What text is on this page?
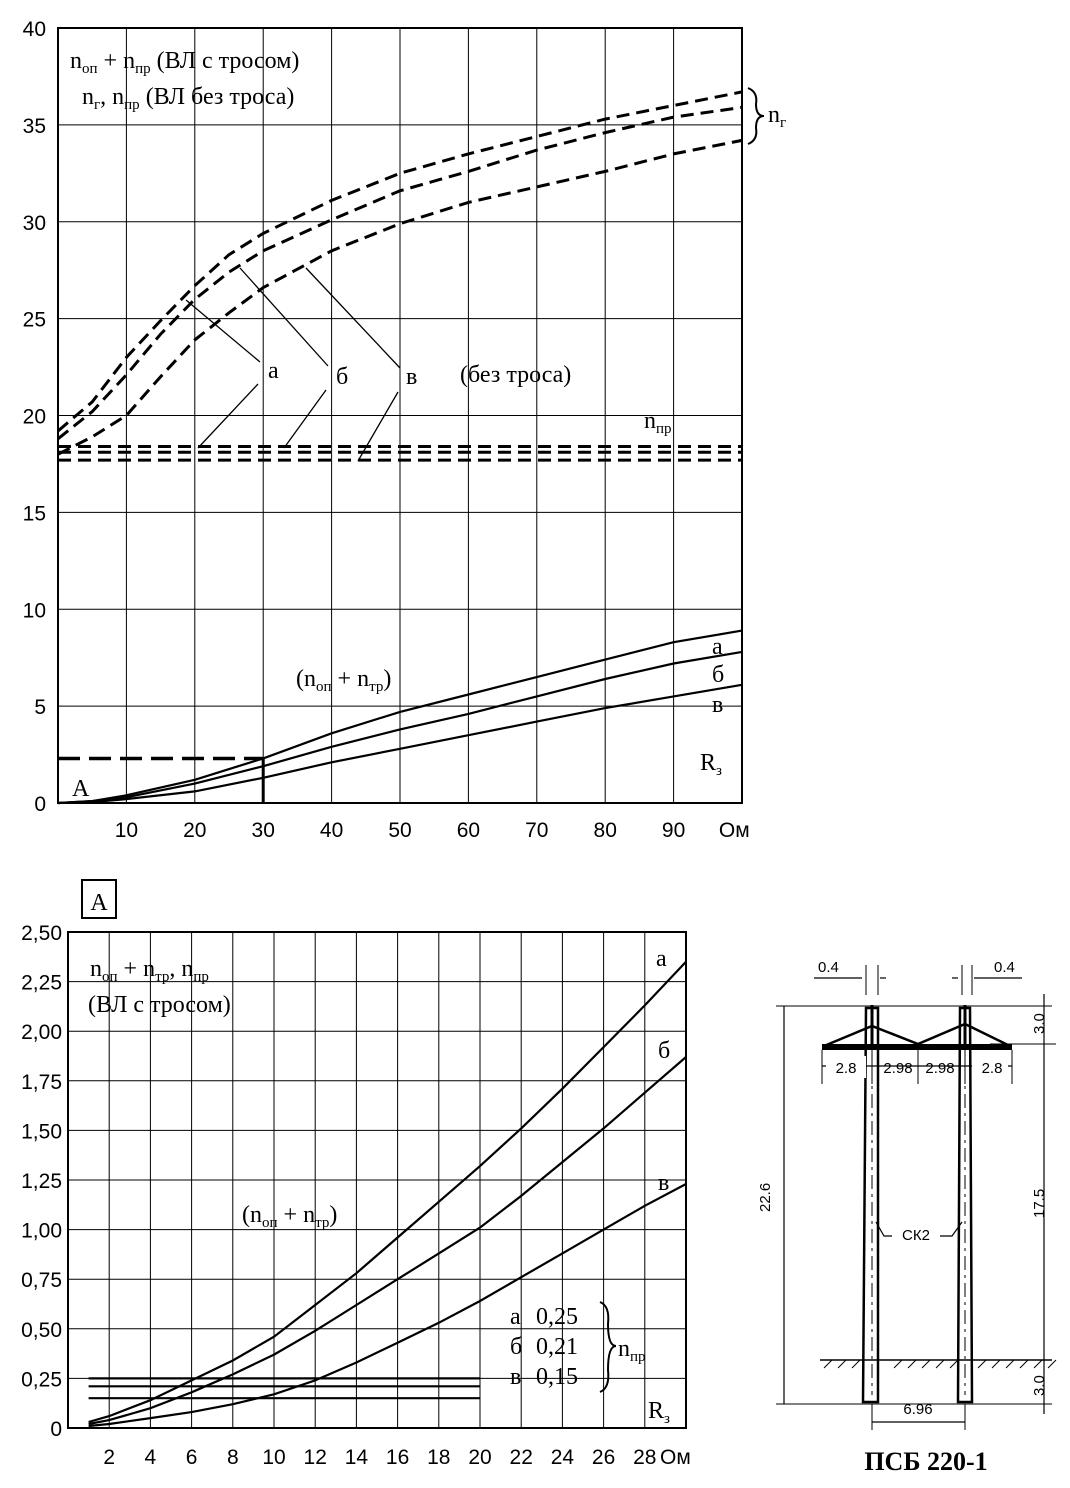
0
5
10
15
20
25
30
35
40
10 20 30 40 50 60 70 80 90 Ом
$n_{оп} + n_{пр}$ (ВЛ с тросом)
$n_г$, $n_{пр}$ (ВЛ без троса)
$n_г$
$n_{пр}$
(без троса)
а б в
$(n_{оп} + n_{тр})$
а
б
в
$R_з$
А
А
0
0,25
0,50
0,75
1,00
1,25
1,50
1,75
2,00
2,25
2,50
2 4 6 8 10 12 14 16 18 20 22 24 26 28 Ом
$n_{оп} + n_{тр}$, $n_{пр}$
(ВЛ с тросом)
$(n_{оп} + n_{тр})$
а
б
в
а 0,25
б 0,21
в 0,15
$n_{пр}$
$R_з$
0.4	0.4
22.6
3.0
17.5
3.0
2.8 2.98 2.98 2.8
6.96
СК2
ПСБ 220-1
